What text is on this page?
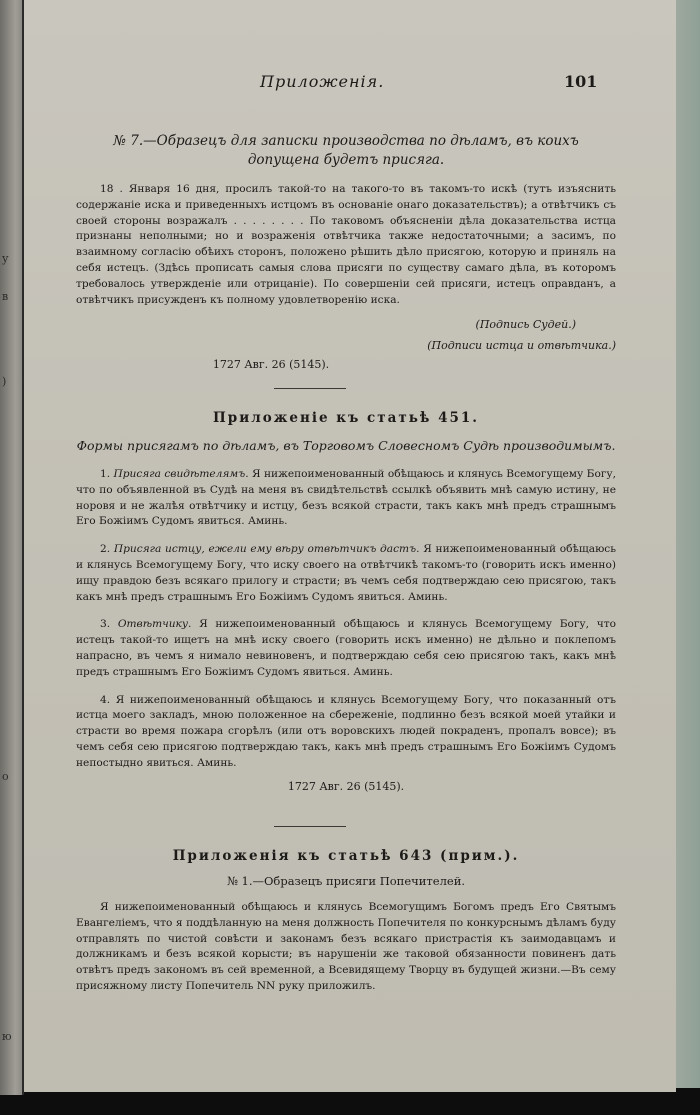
у
в
)
о
ю
Приложенiя.	101
№ 7.—Образецъ для записки производства по дѣламъ, въ коихъ допущена будетъ присяга.

18 . Января 16 дня, просилъ такой-то на такого-то въ такомъ-то искѣ (тутъ изъяснить содержанiе иска и приведенныхъ истцомъ въ основанiе онаго доказательствъ); а отвѣтчикъ съ своей стороны возражалъ . . . . . . . . По таковомъ объясненiи дѣла доказательства истца признаны неполными; но и возраженiя отвѣтчика также недостаточными; а засимъ, по взаимному согласiю обѣихъ сторонъ, положено рѣшить дѣло присягою, которую и приняль на себя истецъ. (Здѣсь прописать самыя слова присяги по существу самаго дѣла, въ которомъ требовалось утвержденiе или отрицанiе). По совершенiи сей присяги, истецъ оправданъ, а отвѣтчикъ присужденъ къ полному удовлетворенiю иска.

(Подпись Судей.)
(Подписи истца и отвѣтчика.)
1727 Авг. 26 (5145).
Приложенiе къ статьѣ 451.
Формы присягамъ по дѣламъ, въ Торговомъ Словесномъ Судѣ производимымъ.

1. Присяга свидѣтелямъ. Я нижепоименованный обѣщаюсь и клянусь Всемогущему Богу, что по объявленной въ Судѣ на меня въ свидѣтельствѣ ссылкѣ объявить мнѣ самую истину, не норовя и не жалѣя отвѣтчику и истцу, безъ всякой страсти, такъ какъ мнѣ предъ страшнымъ Его Божiимъ Судомъ явиться. Аминь.

2. Присяга истцу, ежели ему вѣру отвѣтчикъ дастъ. Я нижепоименованный обѣщаюсь и клянусь Всемогущему Богу, что иску своего на отвѣтчикѣ такомъ-то (говорить искъ именно) ищу правдою безъ всякаго прилогу и страсти; въ чемъ себя подтверждаю сею присягою, такъ какъ мнѣ предъ страшнымъ Его Божiимъ Судомъ явиться. Аминь.

3. Отвѣтчику. Я нижепоименованный обѣщаюсь и клянусь Всемогущему Богу, что истецъ такой-то ищетъ на мнѣ иску своего (говорить искъ именно) не дѣльно и поклепомъ напрасно, въ чемъ я нимало невиновенъ, и подтверждаю себя сею присягою такъ, какъ мнѣ предъ страшнымъ Его Божiимъ Судомъ явиться. Аминь.

4. Я нижепоименованный обѣщаюсь и клянусь Всемогущему Богу, что показанный отъ истца моего закладъ, мною положенное на сбереженiе, подлинно безъ всякой моей утайки и страсти во время пожара сгорѣлъ (или отъ воровскихъ людей покраденъ, пропалъ вовсе); въ чемъ себя сею присягою подтверждаю такъ, какъ мнѣ предъ страшнымъ Его Божiимъ Судомъ непостыдно явиться. Аминь.

1727 Авг. 26 (5145).
Приложенiя къ статьѣ 643 (прим.).
№ 1.—Образецъ присяги Попечителей.

Я нижепоименованный обѣщаюсь и клянусь Всемогущимъ Богомъ предъ Его Святымъ Евангелiемъ, что я поддѣланную на меня должность Попечителя по конкурснымъ дѣламъ буду отправлять по чистой совѣсти и законамъ безъ всякаго пристрастiя къ заимодавцамъ и должникамъ и безъ всякой корысти; въ нарушенiи же таковой обязанности повиненъ дать отвѣтъ предъ закономъ въ сей временной, а Всевидящему Творцу въ будущей жизни.—Въ сему присяжному листу Попечитель NN руку приложилъ.
